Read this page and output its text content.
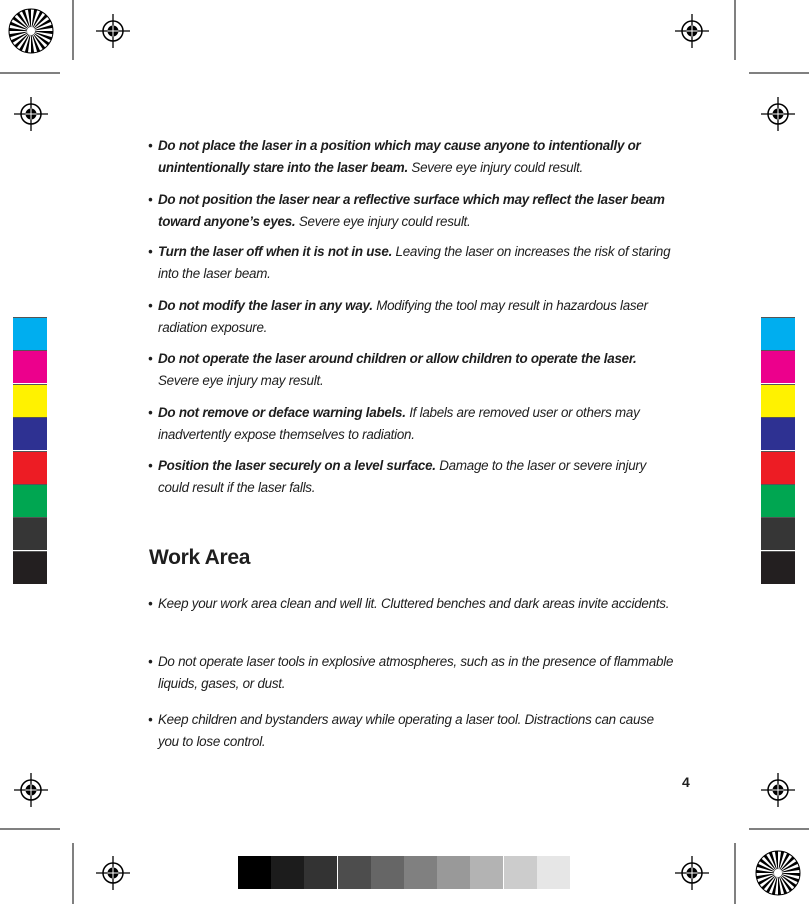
• Do not place the laser in a position which may cause anyone to intentionally or unintentionally stare into the laser beam. Severe eye injury could result.
• Do not position the laser near a reflective surface which may reflect the laser beam toward anyone’s eyes. Severe eye injury could result.
• Turn the laser off when it is not in use. Leaving the laser on increases the risk of staring into the laser beam.
• Do not modify the laser in any way. Modifying the tool may result in hazardous laser radiation exposure.
• Do not operate the laser around children or allow children to operate the laser. Severe eye injury may result.
• Do not remove or deface warning labels. If labels are removed user or others may inadvertently expose themselves to radiation.
• Position the laser securely on a level surface. Damage to the laser or severe injury could result if the laser falls.
Work Area
• Keep your work area clean and well lit. Cluttered benches and dark areas invite accidents.
• Do not operate laser tools in explosive atmospheres, such as in the presence of flammable liquids, gases, or dust.
• Keep children and bystanders away while operating a laser tool. Distractions can cause you to lose control.
4
